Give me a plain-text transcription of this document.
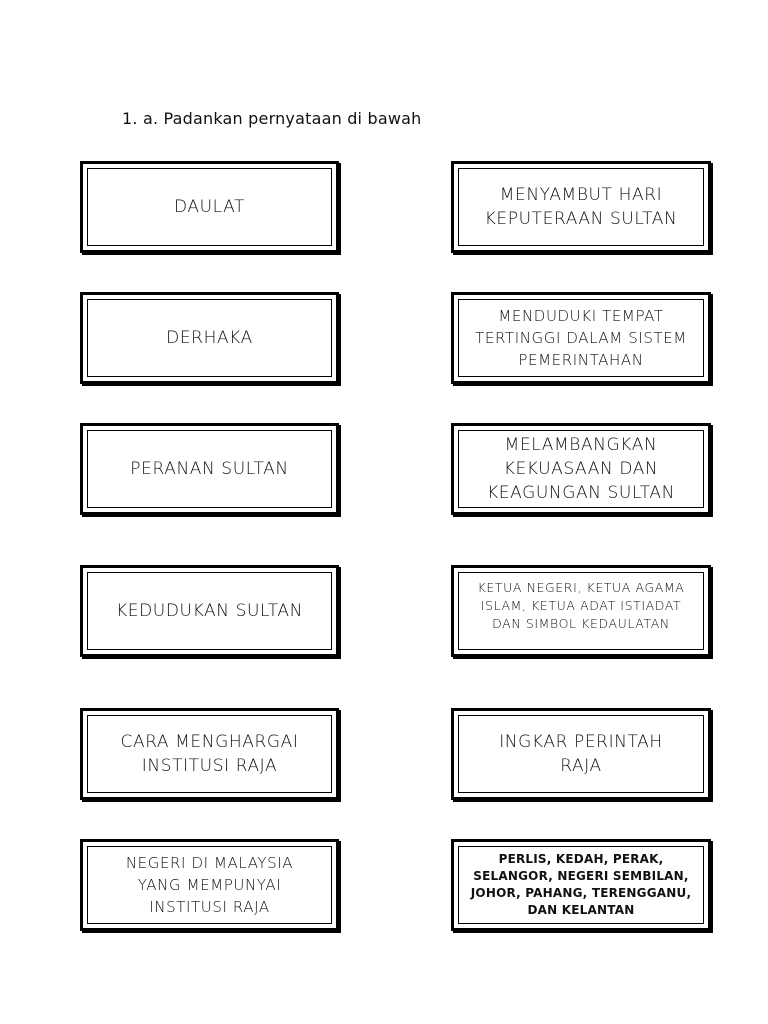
1. a. Padankan pernyataan di bawah
DAULAT
DERHAKA
PERANAN SULTAN
KEDUDUKAN SULTAN
CARA MENGHARGAI
INSTITUSI RAJA
NEGERI DI MALAYSIA
YANG MEMPUNYAI
INSTITUSI RAJA
MENYAMBUT HARI
KEPUTERAAN SULTAN
MENDUDUKI TEMPAT
TERTINGGI DALAM SISTEM
PEMERINTAHAN
MELAMBANGKAN
KEKUASAAN DAN
KEAGUNGAN SULTAN
KETUA NEGERI, KETUA AGAMA
ISLAM, KETUA ADAT ISTIADAT
DAN SIMBOL KEDAULATAN
INGKAR PERINTAH
RAJA
PERLIS, KEDAH, PERAK,
SELANGOR, NEGERI SEMBILAN,
JOHOR, PAHANG, TERENGGANU,
DAN KELANTAN
